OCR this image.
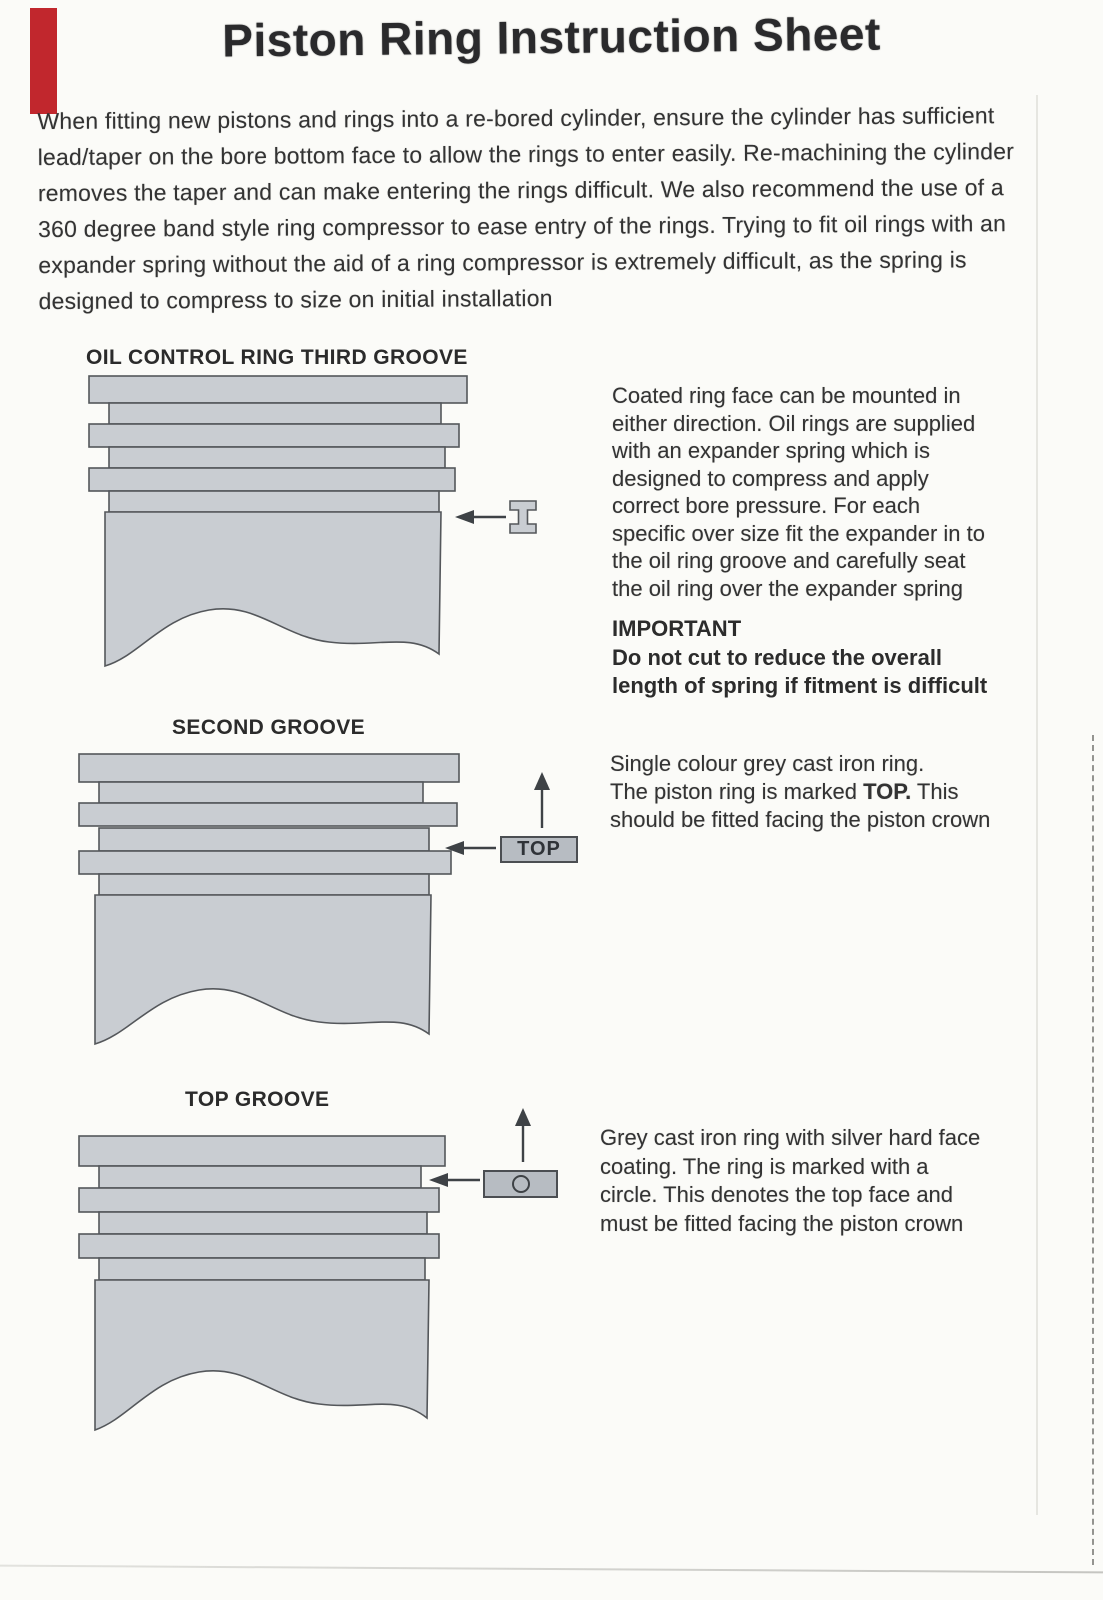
Piston Ring Instruction Sheet
When fitting new pistons and rings into a re-bored cylinder, ensure the cylinder has sufficient
lead/taper on the bore bottom face to allow the rings to enter easily. Re-machining the cylinder
removes the taper and can make entering the rings difficult. We also recommend the use of a
360 degree band style ring compressor to ease entry of the rings. Trying to fit oil rings with an
expander spring without the aid of a ring compressor is extremely difficult, as the spring is
designed to compress to size on initial installation
OIL CONTROL RING THIRD GROOVE
Coated ring face can be mounted in
either direction. Oil rings are supplied
with an expander spring which is
designed to compress and apply
correct bore pressure. For each
specific over size fit the expander in to
the oil ring groove and carefully seat
the oil ring over the expander spring
IMPORTANT
Do not cut to reduce the overall
length of spring if fitment is difficult
SECOND GROOVE
TOP
Single colour grey cast iron ring.
The piston ring is marked TOP. This
should be fitted facing the piston crown
TOP GROOVE
Grey cast iron ring with silver hard face
coating. The ring is marked with a
circle. This denotes the top face and
must be fitted facing the piston crown
